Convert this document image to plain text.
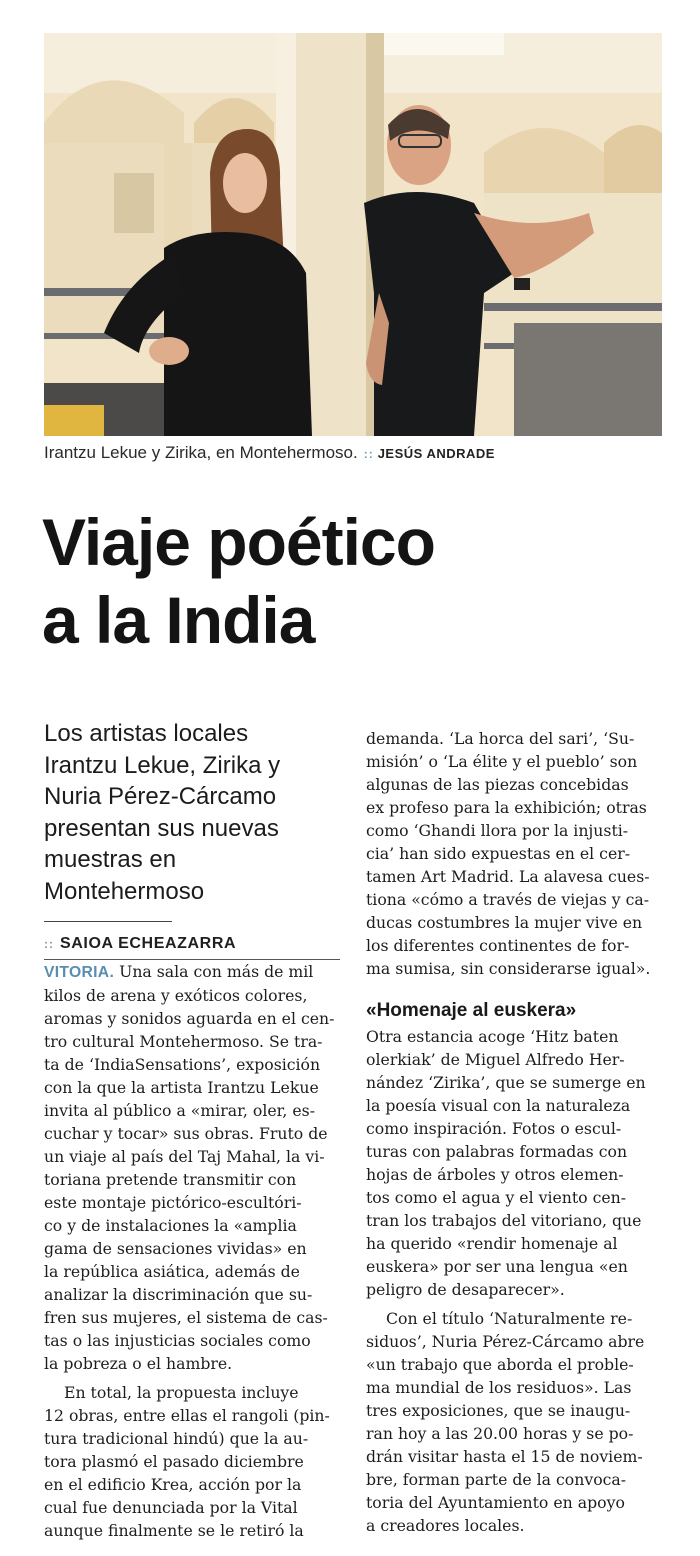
Irantzu Lekue y Zirika, en Montehermoso. :: JESÚS ANDRADE
Viaje poético
a la India

Los artistas locales
Irantzu Lekue, Zirika y
Nuria Pérez-Cárcamo
presentan sus nuevas
muestras en
Montehermoso

:: SAIOA ECHEAZARRA
VITORIA. Una sala con más de mil
kilos de arena y exóticos colores,
aromas y sonidos aguarda en el cen-
tro cultural Montehermoso. Se tra-
ta de ‘IndiaSensations’, exposición
con la que la artista Irantzu Lekue
invita al público a «mirar, oler, es-
cuchar y tocar» sus obras. Fruto de
un viaje al país del Taj Mahal, la vi-
toriana pretende transmitir con
este montaje pictórico-escultóri-
co y de instalaciones la «amplia
gama de sensaciones vividas» en
la república asiática, además de
analizar la discriminación que su-
fren sus mujeres, el sistema de cas-
tas o las injusticias sociales como
la pobreza o el hambre.
En total, la propuesta incluye
12 obras, entre ellas el rangoli (pin-
tura tradicional hindú) que la au-
tora plasmó el pasado diciembre
en el edificio Krea, acción por la
cual fue denunciada por la Vital
aunque finalmente se le retiró la
demanda. ‘La horca del sari’, ‘Su-
misión’ o ‘La élite y el pueblo’ son
algunas de las piezas concebidas
ex profeso para la exhibición; otras
como ‘Ghandi llora por la injusti-
cia’ han sido expuestas en el cer-
tamen Art Madrid. La alavesa cues-
tiona «cómo a través de viejas y ca-
ducas costumbres la mujer vive en
los diferentes continentes de for-
ma sumisa, sin considerarse igual».
«Homenaje al euskera»
Otra estancia acoge ‘Hitz baten
olerkiak’ de Miguel Alfredo Her-
nández ‘Zirika’, que se sumerge en
la poesía visual con la naturaleza
como inspiración. Fotos o escul-
turas con palabras formadas con
hojas de árboles y otros elemen-
tos como el agua y el viento cen-
tran los trabajos del vitoriano, que
ha querido «rendir homenaje al
euskera» por ser una lengua «en
peligro de desaparecer».
Con el título ‘Naturalmente re-
siduos’, Nuria Pérez-Cárcamo abre
«un trabajo que aborda el proble-
ma mundial de los residuos». Las
tres exposiciones, que se inaugu-
ran hoy a las 20.00 horas y se po-
drán visitar hasta el 15 de noviem-
bre, forman parte de la convoca-
toria del Ayuntamiento en apoyo
a creadores locales.
